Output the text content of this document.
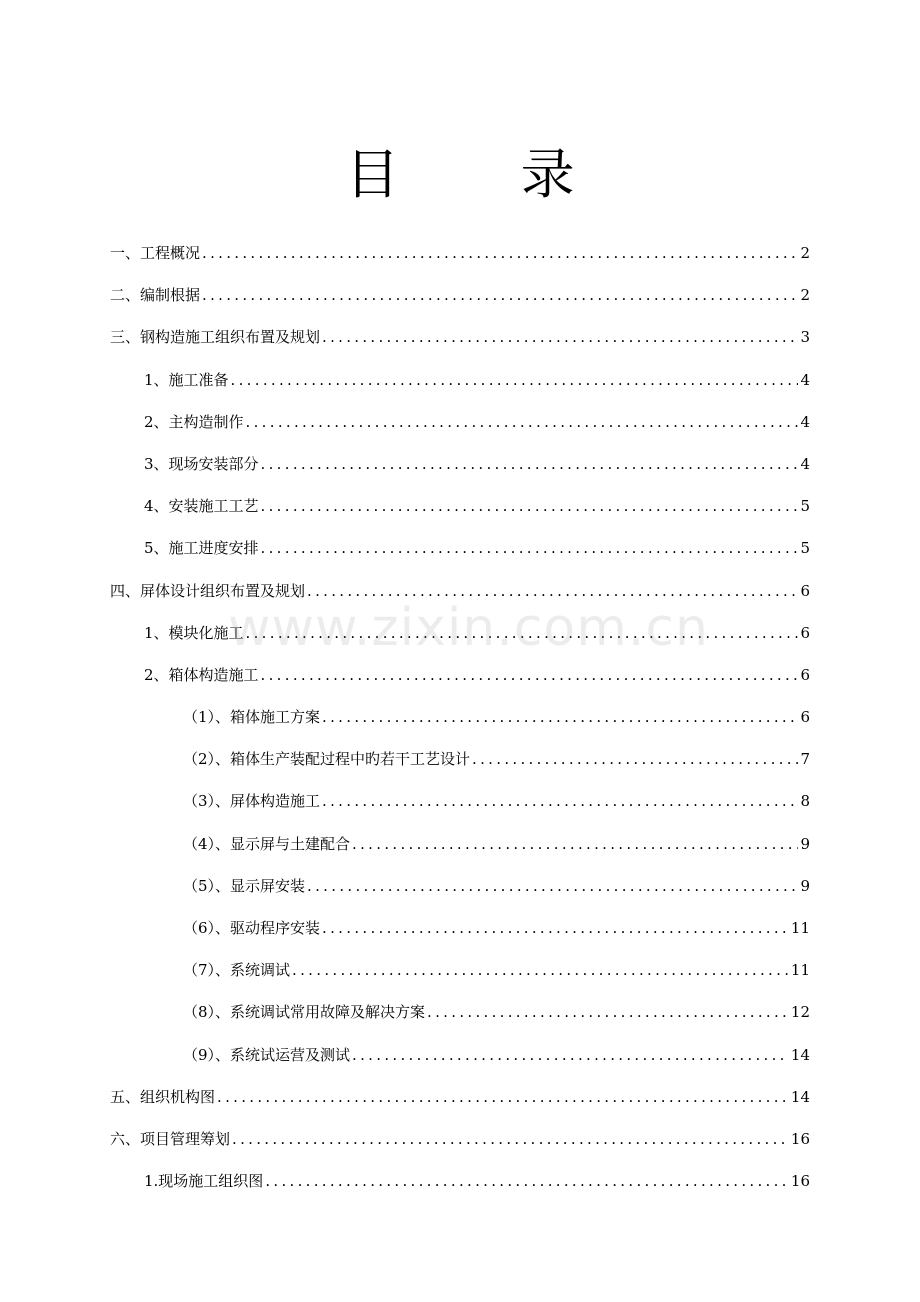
目 录
一、工程概况 .....	2
二、编制根据 .....	2
三、钢构造施工组织布置及规划 .....	3
1、施工准备 .....	4
2、主构造制作 .....	4
3、现场安装部分 .....	4
4、安装施工工艺 .....	5
5、施工进度安排 .....	5
四、屏体设计组织布置及规划 .....	6
1、模块化施工 .....	6
2、箱体构造施工 .....	6
（1）、箱体施工方案 .....	6
（2）、箱体生产装配过程中旳若干工艺设计 .....	7
（3）、屏体构造施工 .....	8
（4）、显示屏与土建配合 .....	9
（5）、显示屏安装 .....	9
（6）、驱动程序安装 .....	11
（7）、系统调试 .....	11
（8）、系统调试常用故障及解决方案 .....	12
（9）、系统试运营及测试 .....	14
五、组织机构图 .....	14
六、项目管理筹划 .....	16
1.现场施工组织图 .....	16
www.zixin.com.cn
